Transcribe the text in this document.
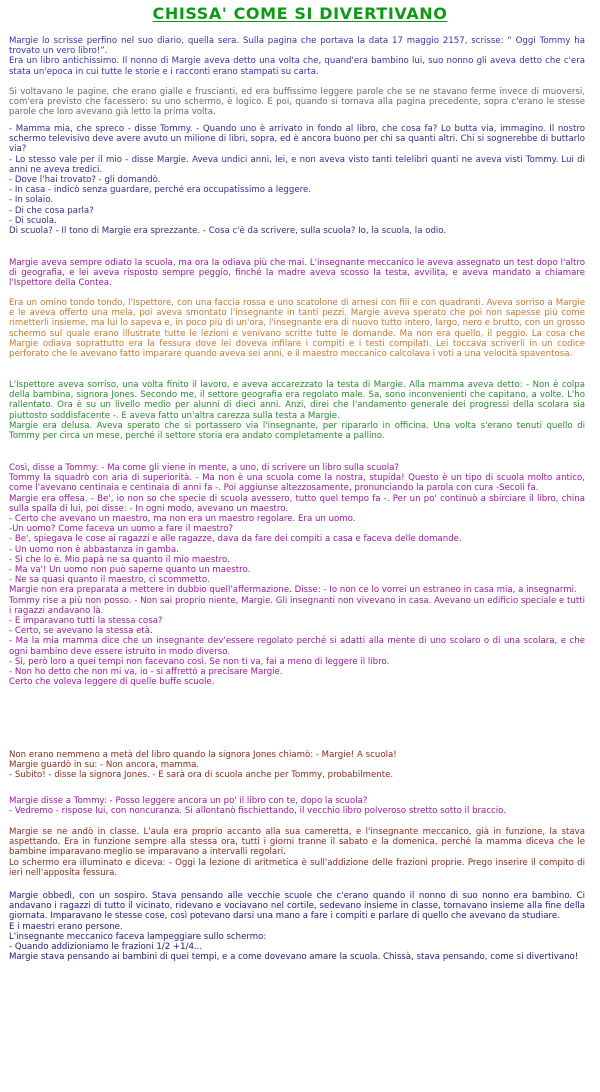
CHISSA' COME SI DIVERTIVANO

Margie lo scrisse perfino nel suo diario, quella sera. Sulla pagina che portava la data 17 maggio 2157, scrisse: “ Oggi Tommy ha trovato un vero libro!”.
Era un libro antichissimo. Il nonno di Margie aveva detto una volta che, quand'era bambino lui, suo nonno gli aveva detto che c'era stata un'epoca in cui tutte le storie e i racconti erano stampati su carta.

Si voltavano le pagine, che erano gialle e fruscianti, ed era buffissimo leggere parole che se ne stavano ferme invece di muoversi, com'era previsto che facessero: su uno schermo, è logico. E poi, quando si tornava alla pagina precedente, sopra c'erano le stesse parole che loro avevano già letto la prima volta.

- Mamma mia, che spreco - disse Tommy. - Quando uno è arrivato in fondo al libro, che cosa fa? Lo butta via, immagino. Il nostro schermo televisivo deve avere avuto un milione di libri, sopra, ed è ancora buono per chi sa quanti altri. Chi si sognerebbe di buttarlo via?
- Lo stesso vale per il mio - disse Margie. Aveva undici anni, lei, e non aveva visto tanti telelibri quanti ne aveva visti Tommy. Lui di anni ne aveva tredici.
- Dove l'hai trovato? - gli domandò.
- In casa - indicò senza guardare, perché era occupatissimo a leggere.
- In solaio.
- Di che cosa parla?
- Di scuola.
Di scuola? - Il tono di Margie era sprezzante. - Cosa c'è da scrivere, sulla scuola? Io, la scuola, la odio.

Margie aveva sempre odiato la scuola, ma ora la odiava più che mai. L'insegnante meccanico le aveva assegnato un test dopo l'altro di geografia, e lei aveva risposto sempre peggio, finché la madre aveva scosso la testa, avvilita, e aveva mandato a chiamare l'Ispettore della Contea.

Era un omino tondo tondo, l'Ispettore, con una faccia rossa e uno scatolone di arnesi con fili e con quadranti. Aveva sorriso a Margie e le aveva offerto una mela, poi aveva smontato l'insegnante in tanti pezzi. Margie aveva sperato che poi non sapesse più come rimetterli insieme, ma lui lo sapeva e, in poco più di un'ora, l'insegnante era di nuovo tutto intero, largo, nero e brutto, con un grosso schermo sul quale erano illustrate tutte le lezioni e venivano scritte tutte le domande. Ma non era quello, il peggio. La cosa che Margie odiava soprattutto era la fessura dove lei doveva infilare i compiti e i testi compilati. Lei toccava scriverli in un codice perforato che le avevano fatto imparare quando aveva sei anni, e il maestro meccanico calcolava i voti a una velocità spaventosa.

L'Ispettore aveva sorriso, una volta finito il lavoro, e aveva accarezzato la testa di Margie. Alla mamma aveva detto: - Non è colpa della bambina, signora Jones. Secondo me, il settore geografia era regolato male. Sa, sono inconvenienti che capitano, a volte. L'ho rallentato. Ora è su un livello medio per alunni di dieci anni. Anzi, direi che l'andamento generale dei progressi della scolara sia piuttosto soddisfacente -. E aveva fatto un'altra carezza sulla testa a Margie.
Margie era delusa. Aveva sperato che si portassero via l'insegnante, per ripararlo in officina. Una volta s'erano tenuti quello di Tommy per circa un mese, perché il settore storia era andato completamente a pallino.

Così, disse a Tommy: - Ma come gli viene in mente, a uno, di scrivere un libro sulla scuola?
Tommy la squadrò con aria di superiorità. - Ma non è una scuola come la nostra, stupida! Questo è un tipo di scuola molto antico, come l'avevano centinaia e centinaia di anni fa -. Poi aggiunse altezzosamente, pronunciando la parola con cura -Secoli fa.
Margie era offesa. - Be', io non so che specie di scuola avessero, tutto quel tempo fa -. Per un po' continuò a sbirciare il libro, china sulla spalla di lui, poi disse: - In ogni modo, avevano un maestro.
- Certo che avevano un maestro, ma non era un maestro regolare. Era un uomo.
-Un uomo? Come faceva un uomo a fare il maestro?
- Be', spiegava le cose ai ragazzi e alle ragazze, dava da fare dei compiti a casa e faceva delle domande.
- Un uomo non è abbastanza in gamba.
- Sì che lo è. Mio papà ne sa quanto il mio maestro.
- Ma va'! Un uomo non può saperne quanto un maestro.
- Ne sa quasi quanto il maestro, ci scommetto.
Margie non era preparata a mettere in dubbio quell'affermazione. Disse: - Io non ce lo vorrei un estraneo in casa mia, a insegnarmi.
Tommy rise a più non posso. - Non sai proprio niente, Margie. Gli insegnanti non vivevano in casa. Avevano un edificio speciale e tutti i ragazzi andavano là.
- E imparavano tutti la stessa cosa?
- Certo, se avevano la stessa età.
- Ma la mia mamma dice che un insegnante dev'essere regolato perché si adatti alla mente di uno scolaro o di una scolara, e che ogni bambino deve essere istruito in modo diverso.
- Sì, però loro a quei tempi non facevano così. Se non ti va, fai a meno di leggere il libro.
- Non ho detto che non mi va, io - si affrettò a precisare Margie.
Certo che voleva leggere di quelle buffe scuole.

Non erano nemmeno a metà del libro quando la signora Jones chiamò: - Margie! A scuola!
Margie guardò in su: - Non ancora, mamma.
- Subito! - disse la signora Jones. - E sarà ora di scuola anche per Tommy, probabilmente.

Margie disse a Tommy: - Posso leggere ancora un po' il libro con te, dopo la scuola?
- Vedremo - rispose lui, con noncuranza. Si allontanò fischiettando, il vecchio libro polveroso stretto sotto il braccio.

Margie se ne andò in classe. L'aula era proprio accanto alla sua cameretta, e l'insegnante meccanico, già in funzione, la stava aspettando. Era in funzione sempre alla stessa ora, tutti i giorni tranne il sabato e la domenica, perché la mamma diceva che le bambine imparavano meglio se imparavano a intervalli regolari.
Lo schermo era illuminato e diceva: - Oggi la lezione di aritmetica è sull'addizione delle frazioni proprie. Prego inserire il compito di ieri nell'apposita fessura.

Margie obbedì, con un sospiro. Stava pensando alle vecchie scuole che c'erano quando il nonno di suo nonno era bambino. Ci andavano i ragazzi di tutto il vicinato, ridevano e vociavano nel cortile, sedevano insieme in classe, tornavano insieme alla fine della giornata. Imparavano le stesse cose, così potevano darsi una mano a fare i compiti e parlare di quello che avevano da studiare.
E i maestri erano persone.
L'insegnante meccanico faceva lampeggiare sullo schermo:
- Quando addizioniamo le frazioni 1/2 +1/4...
Margie stava pensando ai bambini di quei tempi, e a come dovevano amare la scuola. Chissà, stava pensando, come si divertivano!
